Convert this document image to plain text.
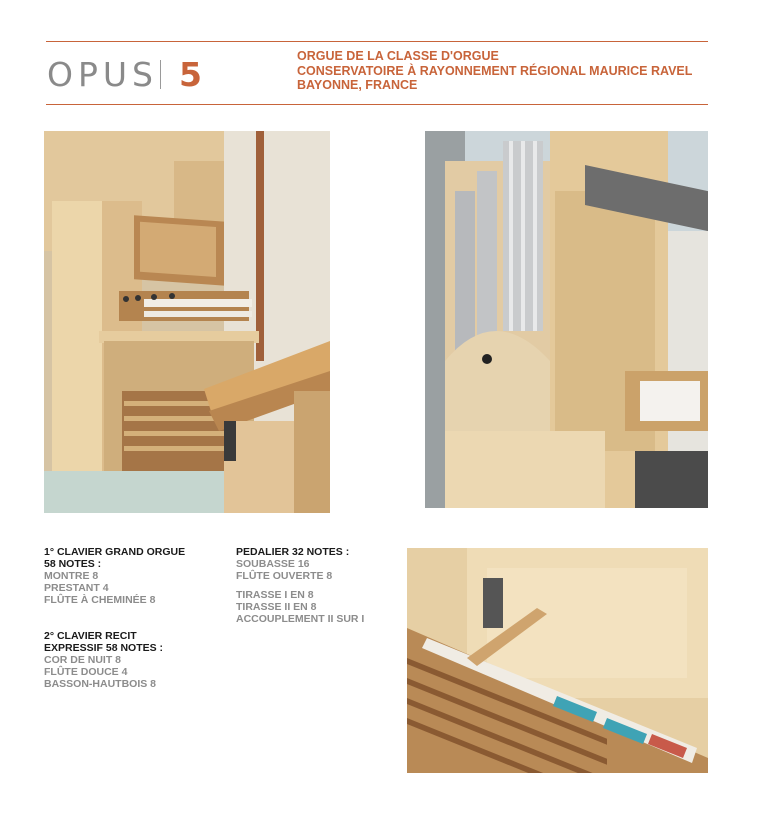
OPUS 5	ORGUE DE LA CLASSE D'ORGUE
CONSERVATOIRE À RAYONNEMENT RÉGIONAL MAURICE RAVEL
BAYONNE, FRANCE
1° CLAVIER GRAND ORGUE
58 NOTES :
MONTRE 8
PRESTANT 4
FLÛTE À CHEMINÉE 8
2° CLAVIER RECIT
EXPRESSIF 58 NOTES :
COR DE NUIT 8
FLÛTE DOUCE 4
BASSON-HAUTBOIS 8
PEDALIER 32 NOTES :
SOUBASSE 16
FLÛTE OUVERTE 8
TIRASSE I EN 8
TIRASSE II EN 8
ACCOUPLEMENT II SUR I
